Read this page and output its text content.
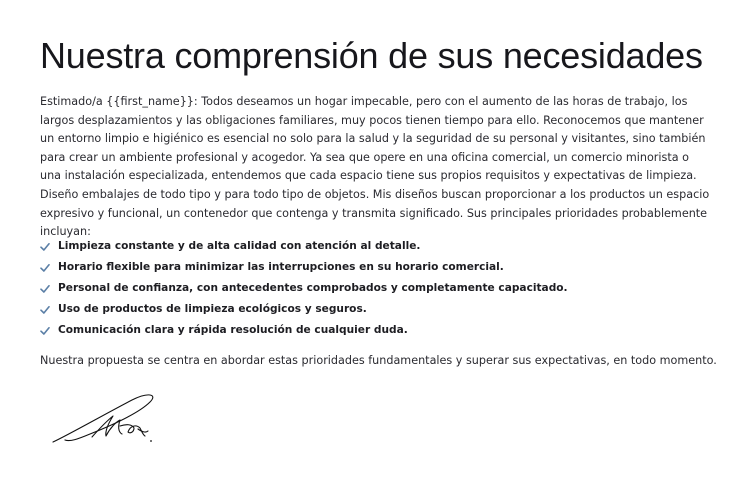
Nuestra comprensión de sus necesidades

Estimado/a {{first_name}}: Todos deseamos un hogar impecable, pero con el aumento de las horas de trabajo, los largos desplazamientos y las obligaciones familiares, muy pocos tienen tiempo para ello. Reconocemos que mantener un entorno limpio e higiénico es esencial no solo para la salud y la seguridad de su personal y visitantes, sino también para crear un ambiente profesional y acogedor. Ya sea que opere en una oficina comercial, un comercio minorista o una instalación especializada, entendemos que cada espacio tiene sus propios requisitos y expectativas de limpieza. Diseño embalajes de todo tipo y para todo tipo de objetos. Mis diseños buscan proporcionar a los productos un espacio expresivo y funcional, un contenedor que contenga y transmita significado. Sus principales prioridades probablemente incluyan:

Limpieza constante y de alta calidad con atención al detalle.
Horario flexible para minimizar las interrupciones en su horario comercial.
Personal de confianza, con antecedentes comprobados y completamente capacitado.
Uso de productos de limpieza ecológicos y seguros.
Comunicación clara y rápida resolución de cualquier duda.

Nuestra propuesta se centra en abordar estas prioridades fundamentales y superar sus expectativas, en todo momento.
